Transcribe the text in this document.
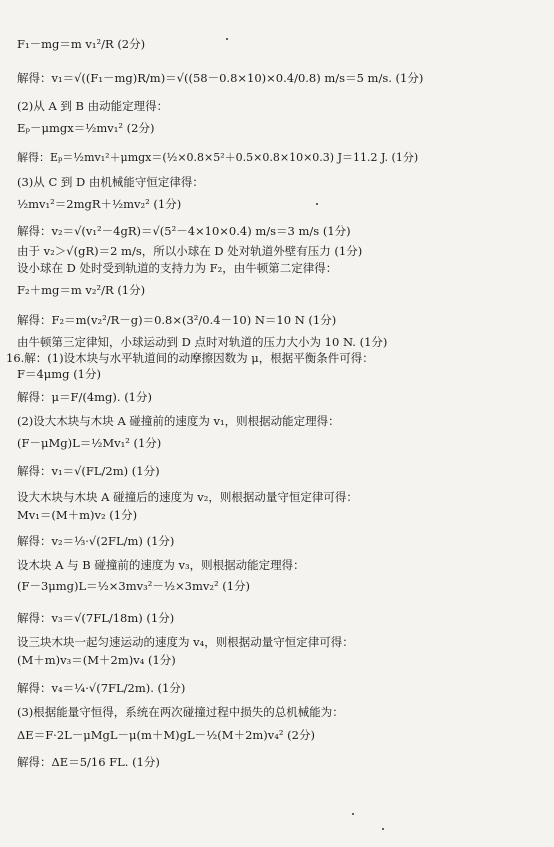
F₁－mg＝m v₁²/R (2分)
解得：v₁＝√((F₁－mg)R/m)＝√((58－0.8×10)×0.4/0.8) m/s＝5 m/s. (1分)
(2)从 A 到 B 由动能定理得：
Eₚ－μmgx＝½mv₁² (2分)
解得：Eₚ＝½mv₁²＋μmgx＝(½×0.8×5²＋0.5×0.8×10×0.3) J＝11.2 J. (1分)
(3)从 C 到 D 由机械能守恒定律得：
½mv₁²＝2mgR＋½mv₂² (1分)
解得：v₂＝√(v₁²－4gR)＝√(5²－4×10×0.4) m/s＝3 m/s (1分)
由于 v₂＞√(gR)＝2 m/s，所以小球在 D 处对轨道外壁有压力 (1分)
设小球在 D 处时受到轨道的支持力为 F₂，由牛顿第二定律得：
F₂＋mg＝m v₂²/R (1分)
解得：F₂＝m(v₂²/R－g)＝0.8×(3²/0.4－10) N＝10 N (1分)
由牛顿第三定律知，小球运动到 D 点时对轨道的压力大小为 10 N. (1分)
16.解：(1)设木块与水平轨道间的动摩擦因数为 μ，根据平衡条件可得：
F＝4μmg (1分)
解得：μ＝F/(4mg). (1分)
(2)设大木块与木块 A 碰撞前的速度为 v₁，则根据动能定理得：
(F－μMg)L＝½Mv₁² (1分)
解得：v₁＝√(FL/2m) (1分)
设大木块与木块 A 碰撞后的速度为 v₂，则根据动量守恒定律可得：
Mv₁＝(M＋m)v₂ (1分)
解得：v₂＝⅓·√(2FL/m) (1分)
设木块 A 与 B 碰撞前的速度为 v₃，则根据动能定理得：
(F－3μmg)L＝½×3mv₃²－½×3mv₂² (1分)
解得：v₃＝√(7FL/18m) (1分)
设三块木块一起匀速运动的速度为 v₄，则根据动量守恒定律可得：
(M＋m)v₃＝(M＋2m)v₄ (1分)
解得：v₄＝¼·√(7FL/2m). (1分)
(3)根据能量守恒得，系统在两次碰撞过程中损失的总机械能为：
ΔE＝F·2L－μMgL－μ(m＋M)gL－½(M＋2m)v₄² (2分)
解得：ΔE＝5/16 FL. (1分)
